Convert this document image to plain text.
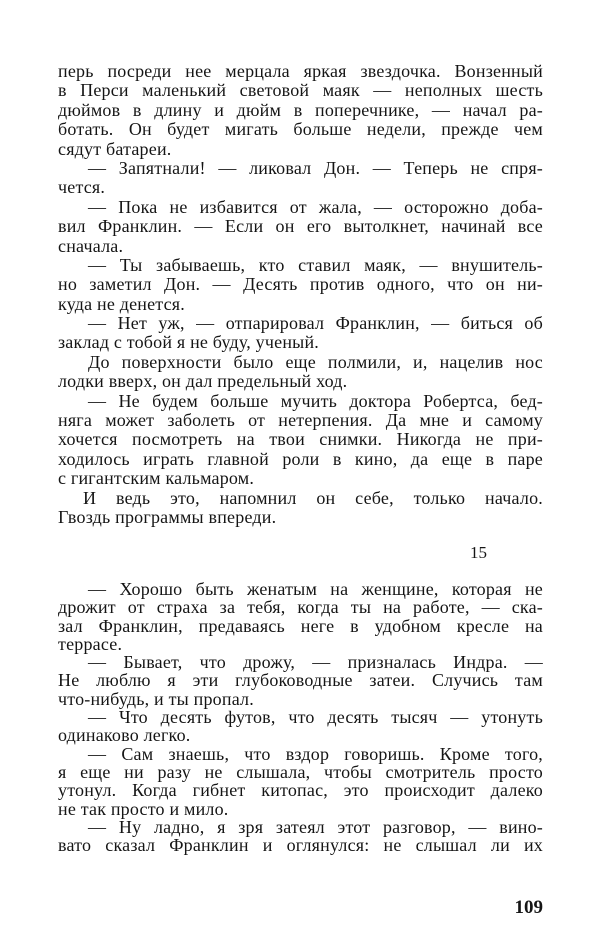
перь посреди нее мерцала яркая звездочка. Вонзенный
в Перси маленький световой маяк — неполных шесть
дюймов в длину и дюйм в поперечнике, — начал ра-
ботать. Он будет мигать больше недели, прежде чем
сядут батареи.
— Запятнали! — ликовал Дон. — Теперь не спря-
чется.
— Пока не избавится от жала, — осторожно доба-
вил Франклин. — Если он его вытолкнет, начинай все
сначала.
— Ты забываешь, кто ставил маяк, — внушитель-
но заметил Дон. — Десять против одного, что он ни-
куда не денется.
— Нет уж, — отпарировал Франклин, — биться об
заклад с тобой я не буду, ученый.
До поверхности было еще полмили, и, нацелив нос
лодки вверх, он дал предельный ход.
— Не будем больше мучить доктора Робертса, бед-
няга может заболеть от нетерпения. Да мне и самому
хочется посмотреть на твои снимки. Никогда не при-
ходилось играть главной роли в кино, да еще в паре
с гигантским кальмаром.
И ведь это, напомнил он себе, только начало.
Гвоздь программы впереди.
15
— Хорошо быть женатым на женщине, которая не
дрожит от страха за тебя, когда ты на работе, — ска-
зал Франклин, предаваясь неге в удобном кресле на
террасе.
— Бывает, что дрожу, — призналась Индра. —
Не люблю я эти глубоководные затеи. Случись там
что-нибудь, и ты пропал.
— Что десять футов, что десять тысяч — утонуть
одинаково легко.
— Сам знаешь, что вздор говоришь. Кроме того,
я еще ни разу не слышала, чтобы смотритель просто
утонул. Когда гибнет китопас, это происходит далеко
не так просто и мило.
— Ну ладно, я зря затеял этот разговор, — вино-
вато сказал Франклин и оглянулся: не слышал ли их
109
